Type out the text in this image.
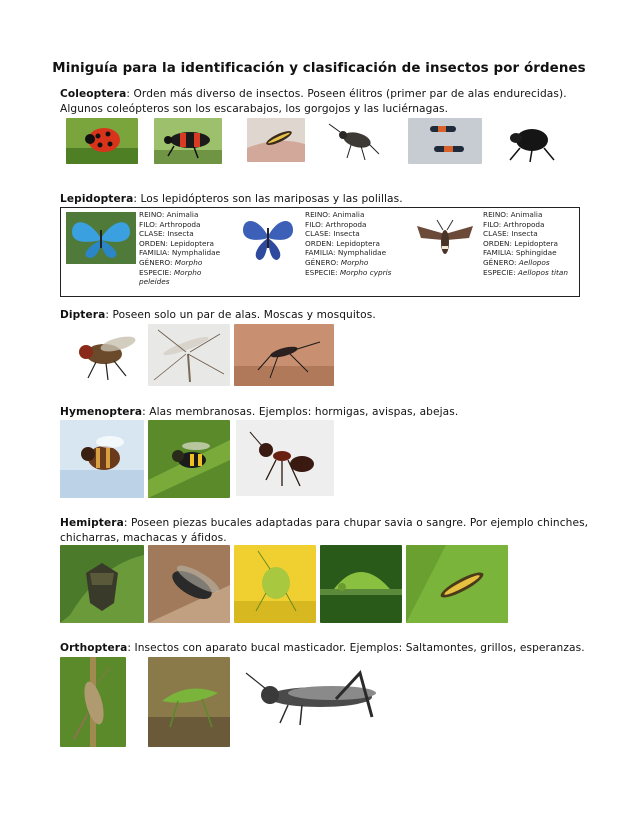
Miniguía para la identificación y clasificación de insectos por órdenes
Coleoptera: Orden más diverso de insectos. Poseen élitros (primer par de alas endurecidas). Algunos coleópteros son los escarabajos, los gorgojos y las luciérnagas.
Lepidoptera: Los lepidópteros son las mariposas y las polillas.
REINO: Animalia
FILO: Arthropoda
CLASE: Insecta
ORDEN: Lepidoptera
FAMILIA: Nymphalidae
GÉNERO: Morpho
ESPECIE: Morpho peleides
REINO: Animalia
FILO: Arthropoda
CLASE: Insecta
ORDEN: Lepidoptera
FAMILIA: Nymphalidae
GÉNERO: Morpho
ESPECIE: Morpho cypris
REINO: Animalia
FILO: Arthropoda
CLASE: Insecta
ORDEN: Lepidoptera
FAMILIA: Sphingidae
GÉNERO: Aellopos
ESPECIE: Aellopos titan
Diptera: Poseen solo un par de alas. Moscas y mosquitos.
Hymenoptera: Alas membranosas. Ejemplos: hormigas, avispas, abejas.
Hemiptera: Poseen piezas bucales adaptadas para chupar savia o sangre. Por ejemplo chinches, chicharras, machacas y áfidos.
Orthoptera: Insectos con aparato bucal masticador. Ejemplos: Saltamontes, grillos, esperanzas.
